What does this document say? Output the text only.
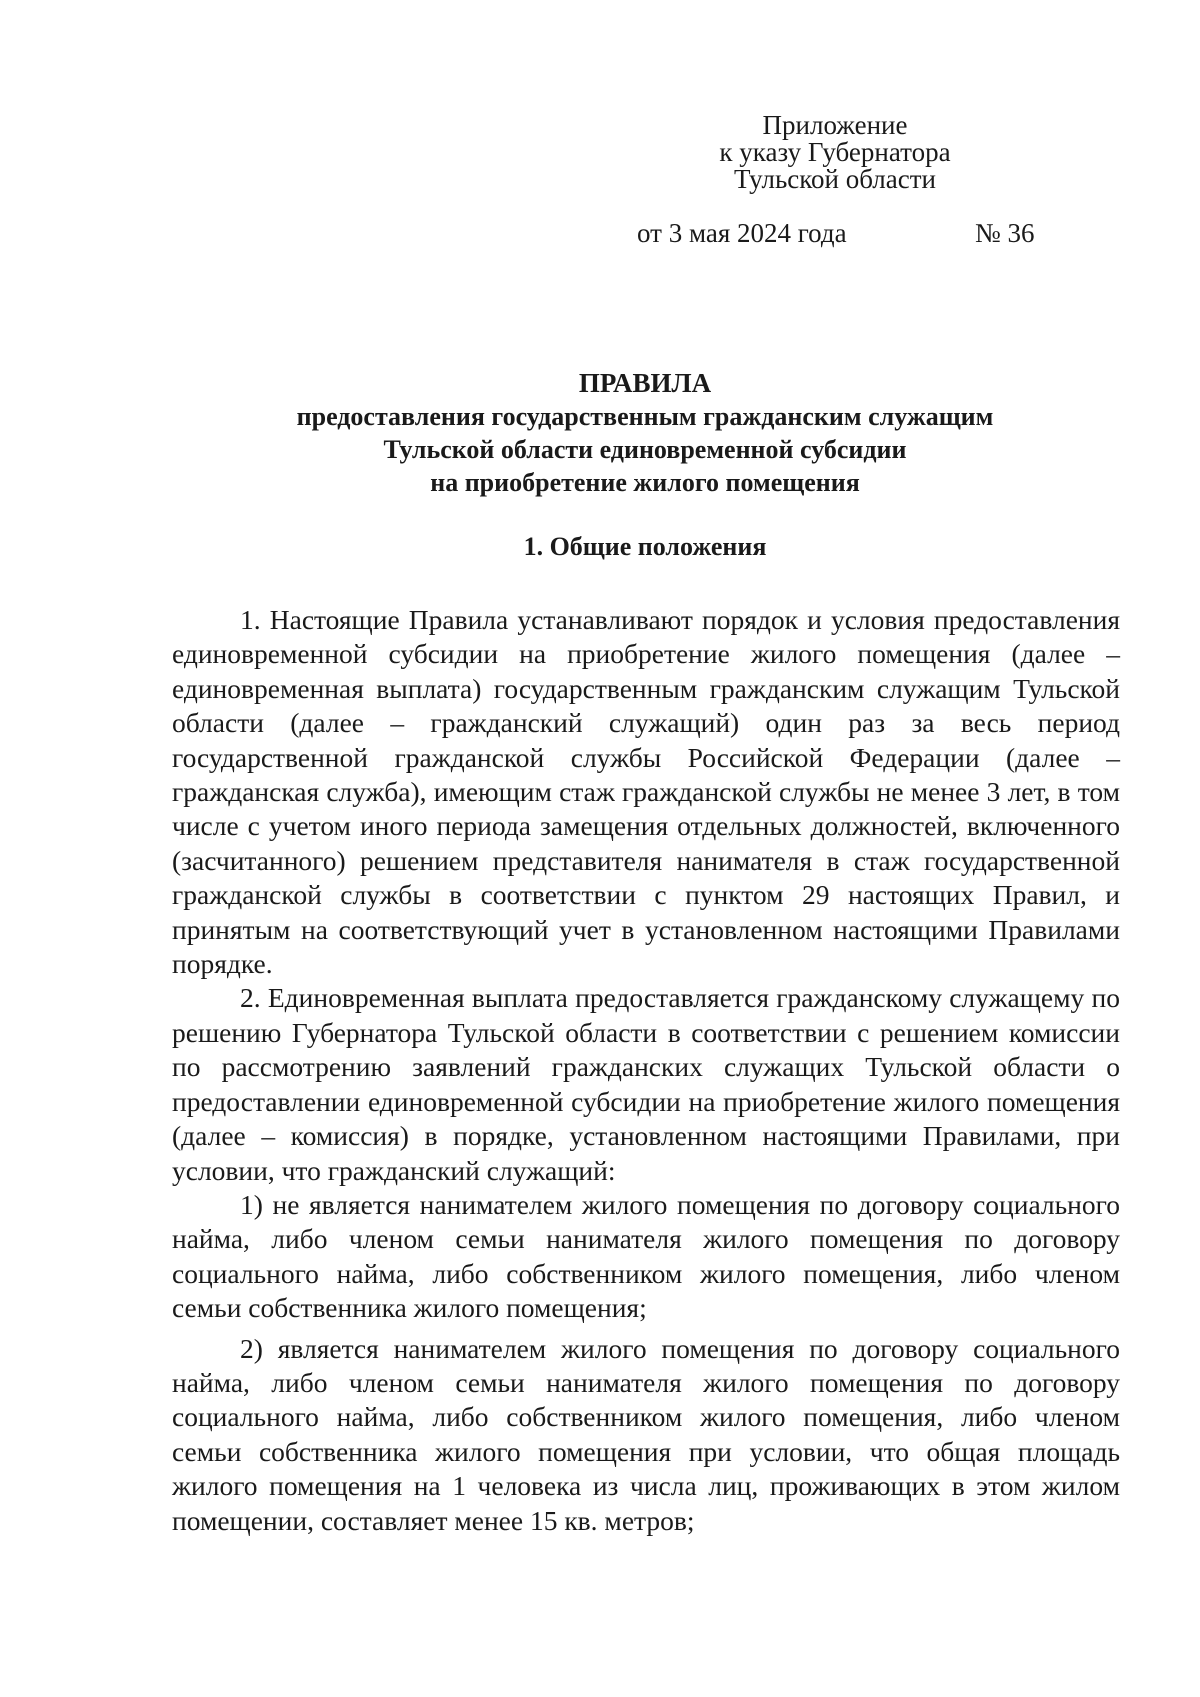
Приложение
к указу Губернатора
Тульской области
от 3 мая 2024 года	№ 36
ПРАВИЛА
предоставления государственным гражданским служащим
Тульской области единовременной субсидии
на приобретение жилого помещения
1. Общие положения

1. Настоящие Правила устанавливают порядок и условия предоставления единовременной субсидии на приобретение жилого помещения (далее – единовременная выплата) государственным гражданским служащим Тульской области (далее – гражданский служащий) один раз за весь период государственной гражданской службы Российской Федерации (далее – гражданская служба), имеющим стаж гражданской службы не менее 3 лет, в том числе с учетом иного периода замещения отдельных должностей, включенного (засчитанного) решением представителя нанимателя в стаж государственной гражданской службы в соответствии с пунктом 29 настоящих Правил, и принятым на соответствующий учет в установленном настоящими Правилами порядке.

2. Единовременная выплата предоставляется гражданскому служащему по решению Губернатора Тульской области в соответствии с решением комиссии по рассмотрению заявлений гражданских служащих Тульской области о предоставлении единовременной субсидии на приобретение жилого помещения (далее – комиссия) в порядке, установленном настоящими Правилами, при условии, что гражданский служащий:

1) не является нанимателем жилого помещения по договору социального найма, либо членом семьи нанимателя жилого помещения по договору социального найма, либо собственником жилого помещения, либо членом семьи собственника жилого помещения;

2) является нанимателем жилого помещения по договору социального найма, либо членом семьи нанимателя жилого помещения по договору социального найма, либо собственником жилого помещения, либо членом семьи собственника жилого помещения при условии, что общая площадь жилого помещения на 1 человека из числа лиц, проживающих в этом жилом помещении, составляет менее 15 кв. метров;
